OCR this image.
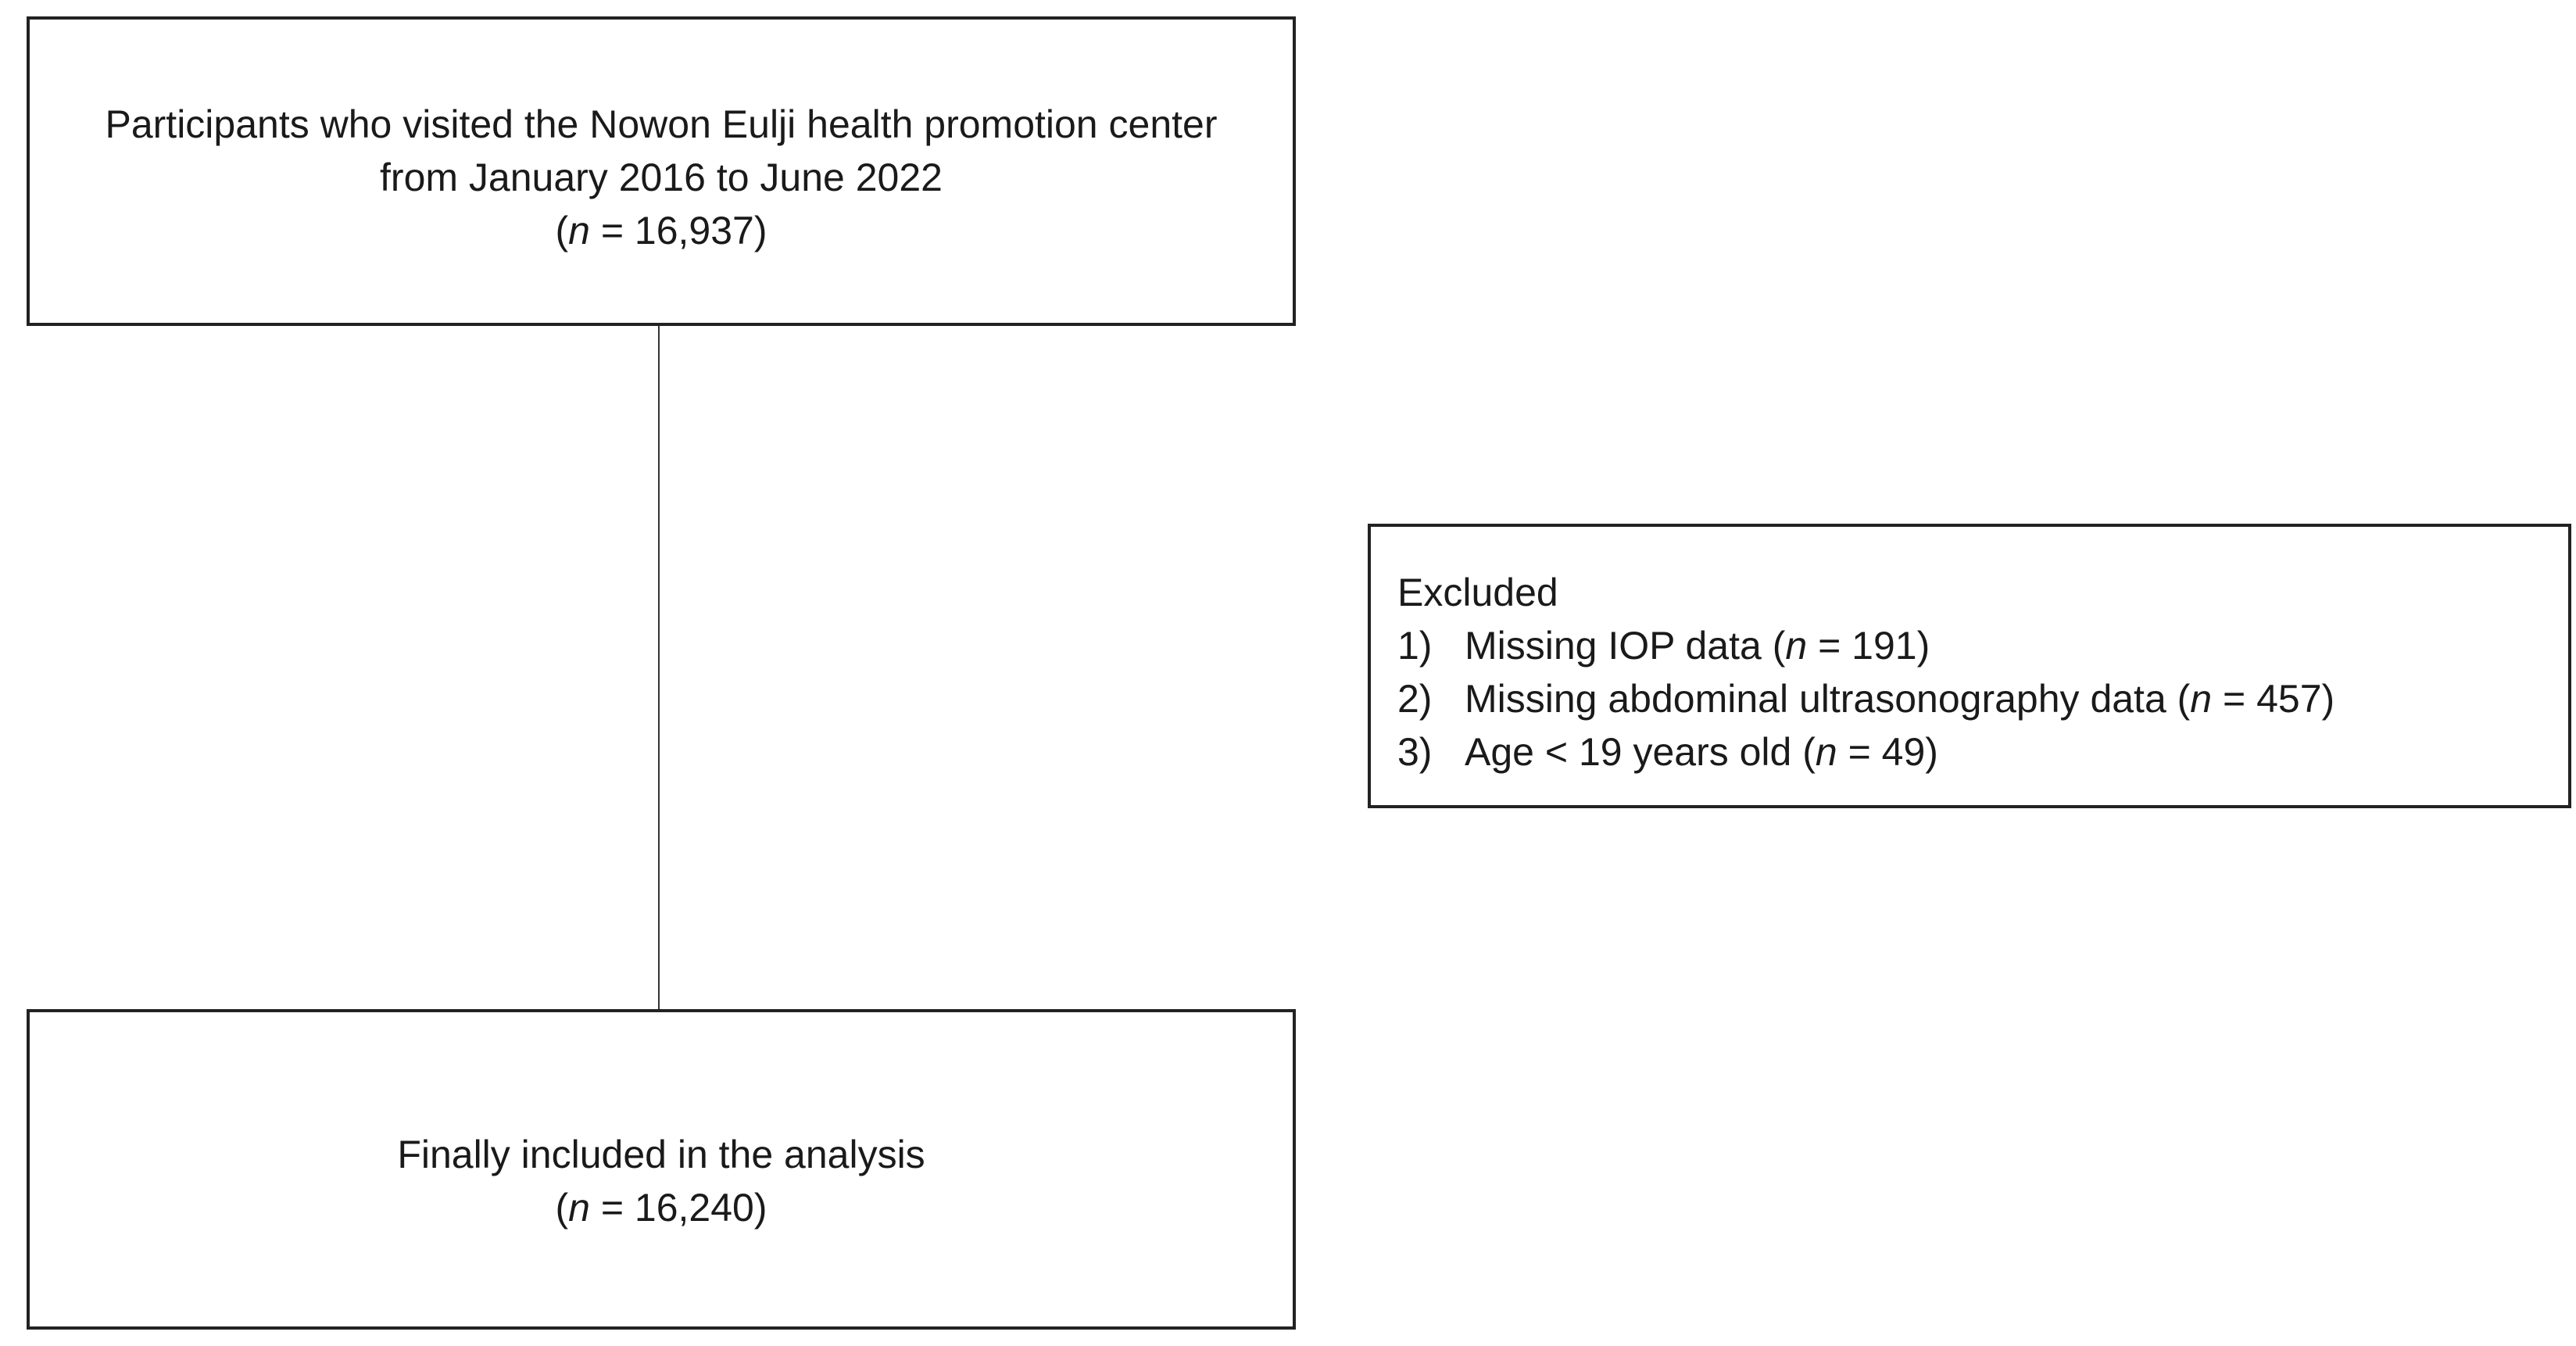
Participants who visited the Nowon Eulji health promotion center
from January 2016 to June 2022
(n = 16,937)
Excluded
1) Missing IOP data (n = 191)
2) Missing abdominal ultrasonography data (n = 457)
3) Age < 19 years old (n = 49)
Finally included in the analysis
(n = 16,240)
